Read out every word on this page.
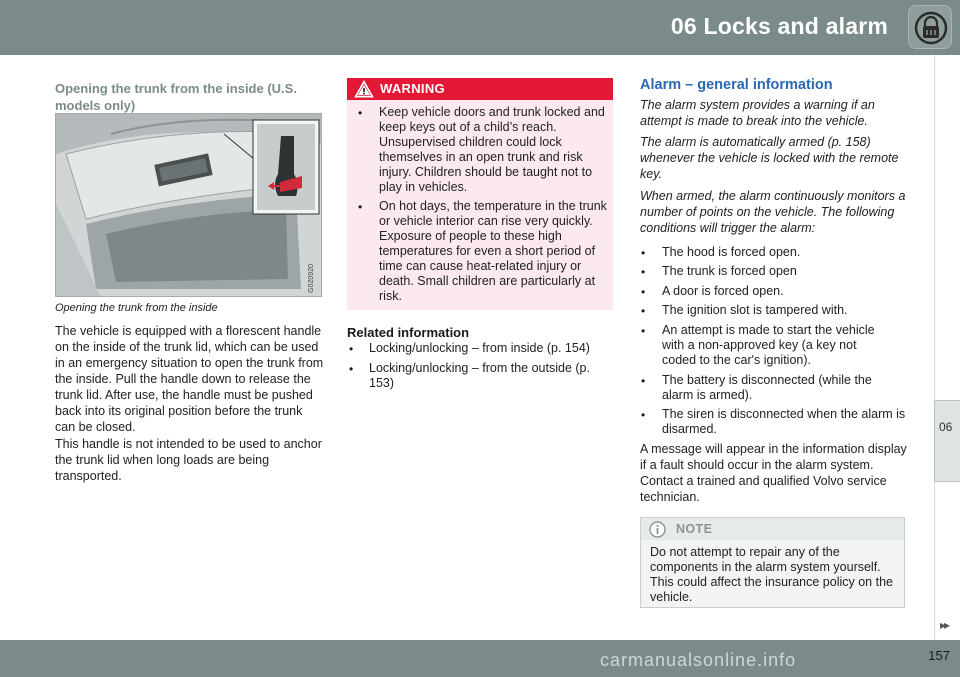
06 Locks and alarm
06
Opening the trunk from the inside (U.S. models only)
G020920
Opening the trunk from the inside
The vehicle is equipped with a florescent handle on the inside of the trunk lid, which can be used in an emergency situation to open the trunk from the inside. Pull the handle down to release the trunk lid. After use, the handle must be pushed back into its original position before the trunk can be closed.
This handle is not intended to be used to anchor the trunk lid when long loads are being transported.
WARNING
• Keep vehicle doors and trunk locked and keep keys out of a child’s reach. Unsupervised children could lock themselves in an open trunk and risk injury. Children should be taught not to play in vehicles.
• On hot days, the temperature in the trunk or vehicle interior can rise very quickly. Exposure of people to these high temperatures for even a short period of time can cause heat-related injury or death. Small children are particularly at risk.
Related information
• Locking/unlocking – from inside (p. 154)
• Locking/unlocking – from the outside (p. 153)
Alarm – general information
The alarm system provides a warning if an attempt is made to break into the vehicle.
The alarm is automatically armed (p. 158) whenever the vehicle is locked with the remote key.
When armed, the alarm continuously monitors a number of points on the vehicle. The following conditions will trigger the alarm:
• The hood is forced open.
• The trunk is forced open
• A door is forced open.
• The ignition slot is tampered with.
• An attempt is made to start the vehicle with a non-approved key (a key not coded to the car's ignition).
• The battery is disconnected (while the alarm is armed).
• The siren is disconnected when the alarm is disarmed.
A message will appear in the information display if a fault should occur in the alarm system. Contact a trained and qualified Volvo service technician.
NOTE
Do not attempt to repair any of the components in the alarm system yourself. This could affect the insurance policy on the vehicle.
▸▸
carmanualsonline.info	157
